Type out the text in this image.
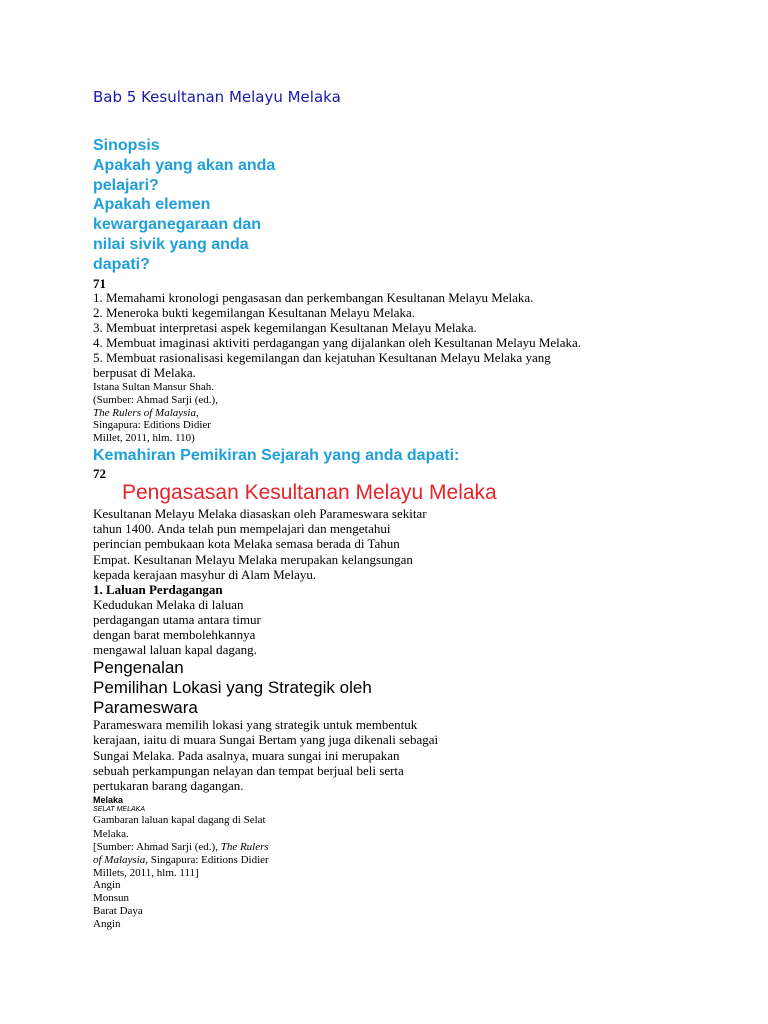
Bab 5 Kesultanan Melayu Melaka
Sinopsis
Apakah yang akan anda
pelajari?
Apakah elemen
kewarganegaraan dan
nilai sivik yang anda
dapati?
71
1. Memahami kronologi pengasasan dan perkembangan Kesultanan Melayu Melaka.
2. Meneroka bukti kegemilangan Kesultanan Melayu Melaka.
3. Membuat interpretasi aspek kegemilangan Kesultanan Melayu Melaka.
4. Membuat imaginasi aktiviti perdagangan yang dijalankan oleh Kesultanan Melayu Melaka.
5. Membuat rasionalisasi kegemilangan dan kejatuhan Kesultanan Melayu Melaka yang
berpusat di Melaka.
Istana Sultan Mansur Shah.
(Sumber: Ahmad Sarji (ed.),
The Rulers of Malaysia,
Singapura: Editions Didier
Millet, 2011, hlm. 110)
Kemahiran Pemikiran Sejarah yang anda dapati:
72
Pengasasan Kesultanan Melayu Melaka
Kesultanan Melayu Melaka diasaskan oleh Parameswara sekitar
tahun 1400. Anda telah pun mempelajari dan mengetahui
perincian pembukaan kota Melaka semasa berada di Tahun
Empat. Kesultanan Melayu Melaka merupakan kelangsungan
kepada kerajaan masyhur di Alam Melayu.
1. Laluan Perdagangan
Kedudukan Melaka di laluan
perdagangan utama antara timur
dengan barat membolehkannya
mengawal laluan kapal dagang.
Pengenalan
Pemilihan Lokasi yang Strategik oleh
Parameswara
Parameswara memilih lokasi yang strategik untuk membentuk
kerajaan, iaitu di muara Sungai Bertam yang juga dikenali sebagai
Sungai Melaka. Pada asalnya, muara sungai ini merupakan
sebuah perkampungan nelayan dan tempat berjual beli serta
pertukaran barang dagangan.
Melaka
SELAT MELAKA
Gambaran laluan kapal dagang di Selat
Melaka.
[Sumber: Ahmad Sarji (ed.), The Rulers
of Malaysia, Singapura: Editions Didier
Millets, 2011, hlm. 111]
Angin
Monsun
Barat Daya
Angin
